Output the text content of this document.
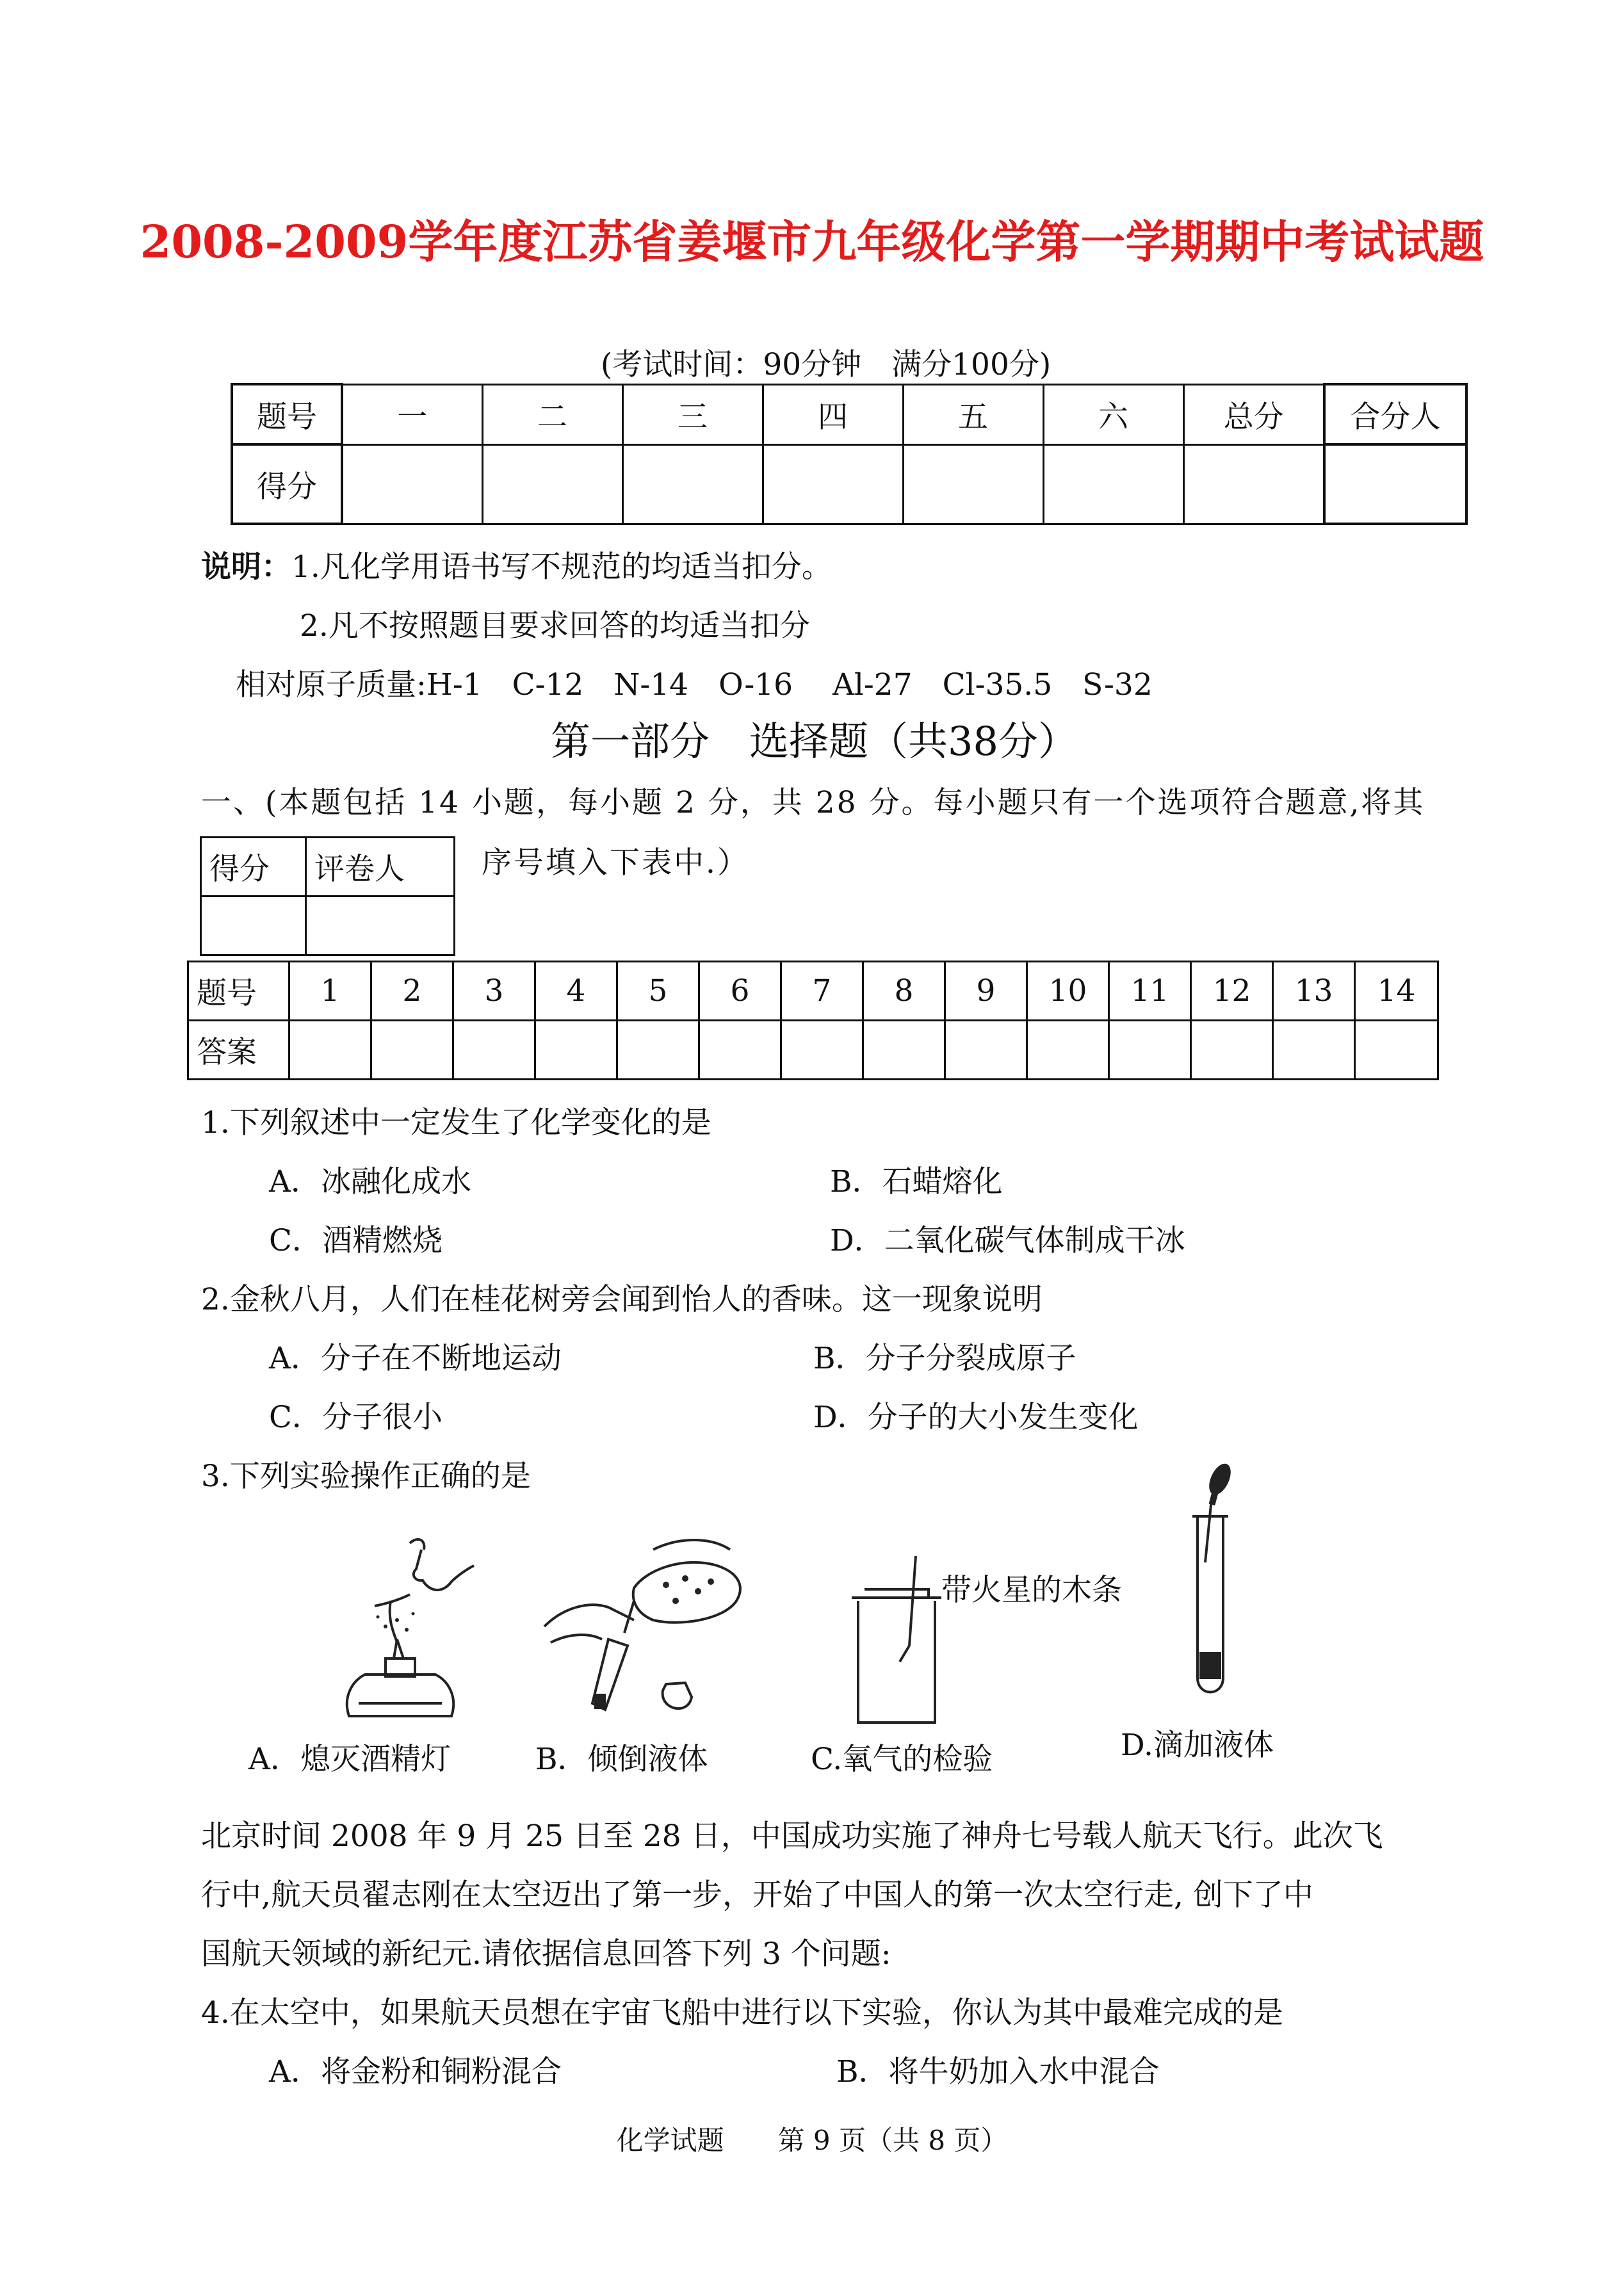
2008-2009学年度江苏省姜堰市九年级化学第一学期期中考试试题
(考试时间：90分钟　满分100分)
题号	一	二	三	四	五	六	总分	合分人
得分								
说明：1.凡化学用语书写不规范的均适当扣分。
2.凡不按照题目要求回答的均适当扣分
相对原子质量:H-1　C-12　N-14　O-16　 Al-27　Cl-35.5　S-32
第一部分　选择题（共38分）
一、(本题包括 14 小题，每小题 2 分，共 28 分。每小题只有一个选项符合题意,将其
序号填入下表中.）
得分	评卷人

题号	1	2	3	4	5	6	7	8	9	10	11	12	13	14
答案														
1.下列叙述中一定发生了化学变化的是
A．冰融化成水	B．石蜡熔化
C．酒精燃烧	D．二氧化碳气体制成干冰
2.金秋八月，人们在桂花树旁会闻到怡人的香味。这一现象说明
A．分子在不断地运动	B．分子分裂成原子
C．分子很小	D．分子的大小发生变化
3.下列实验操作正确的是
带火星的木条
A．熄灭酒精灯	B．倾倒液体	C.氧气的检验	D.滴加液体
北京时间 2008 年 9 月 25 日至 28 日，中国成功实施了神舟七号载人航天飞行。此次飞
行中,航天员翟志刚在太空迈出了第一步，开始了中国人的第一次太空行走, 创下了中
国航天领域的新纪元.请依据信息回答下列 3 个问题:
4.在太空中，如果航天员想在宇宙飞船中进行以下实验，你认为其中最难完成的是
A．将金粉和铜粉混合	B．将牛奶加入水中混合
化学试题　　第 9 页（共 8 页）
